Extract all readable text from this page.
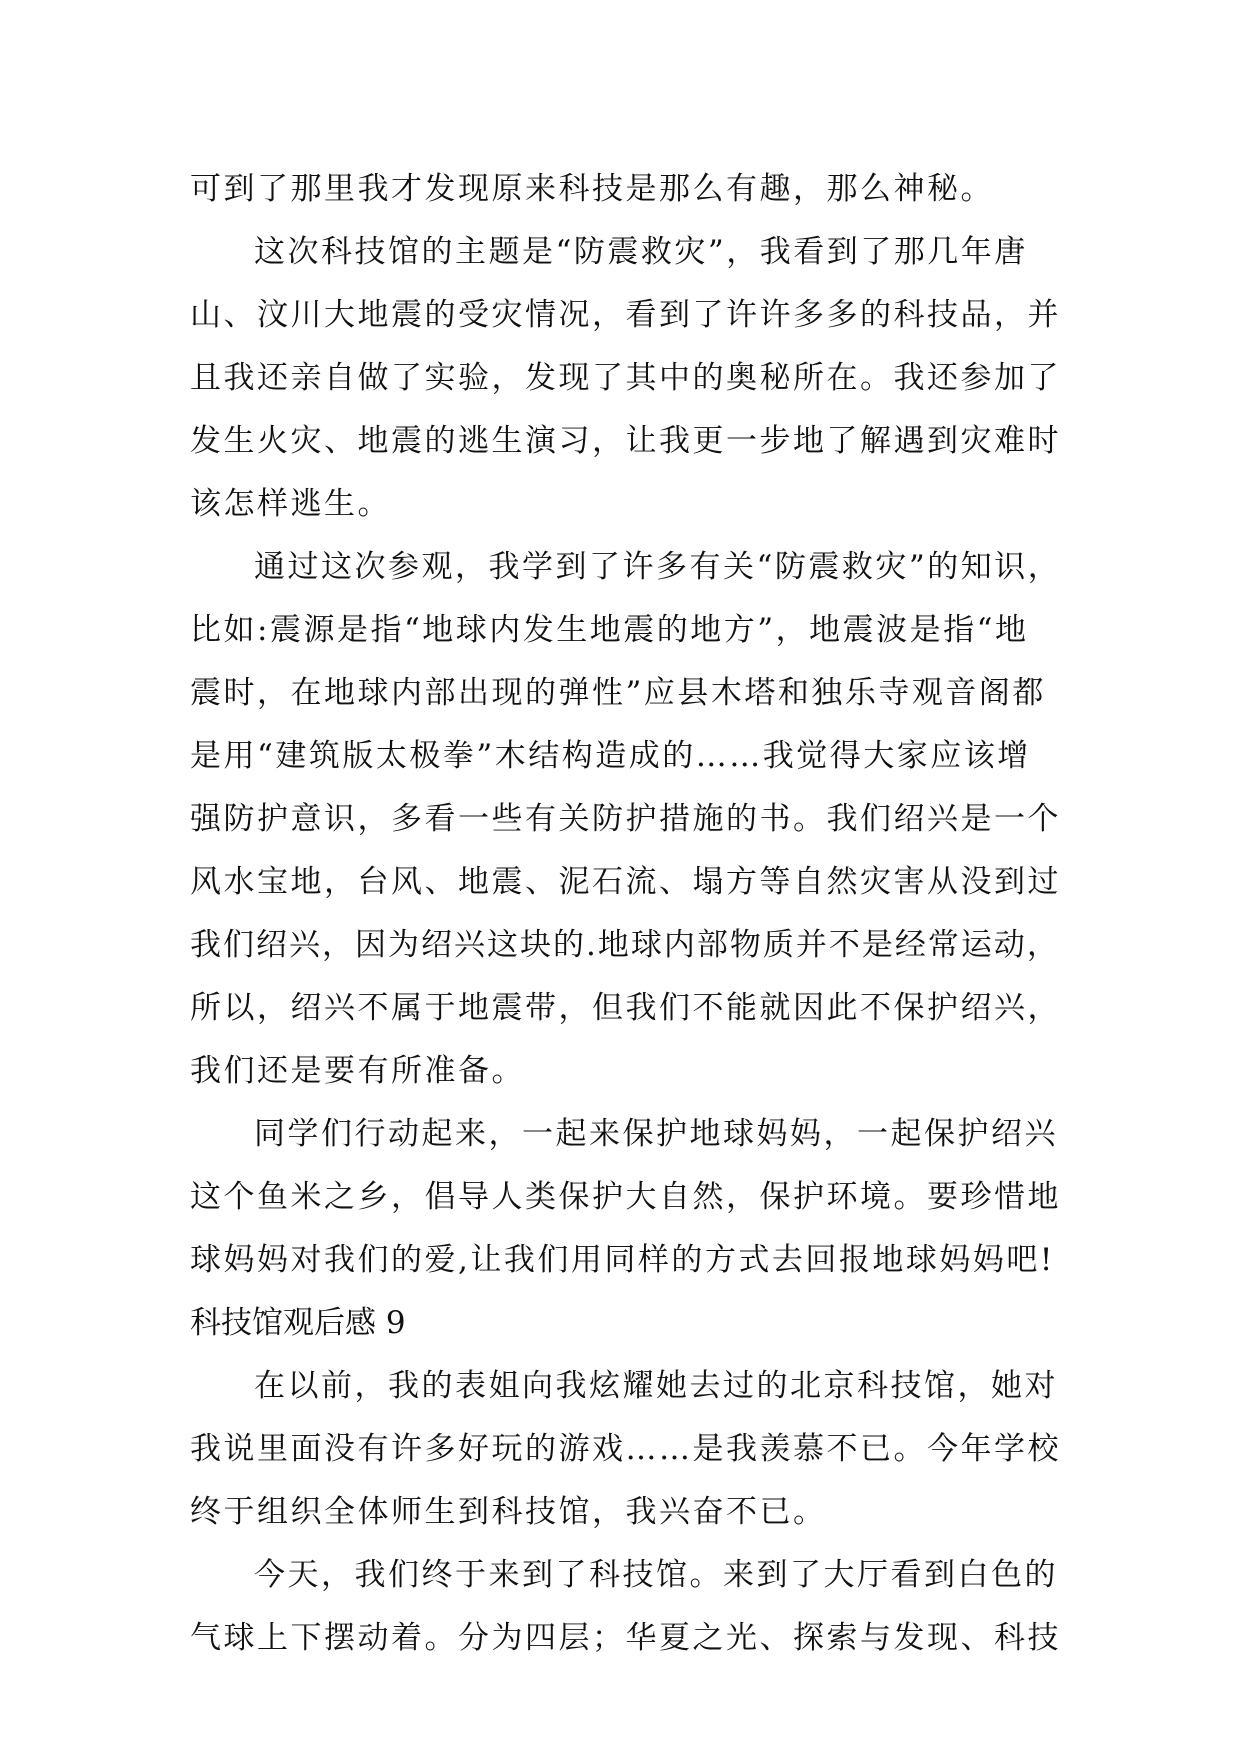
可到了那里我才发现原来科技是那么有趣，那么神秘。
这次科技馆的主题是“防震救灾”，我看到了那几年唐
山、汶川大地震的受灾情况，看到了许许多多的科技品，并
且我还亲自做了实验，发现了其中的奥秘所在。我还参加了
发生火灾、地震的逃生演习，让我更一步地了解遇到灾难时
该怎样逃生。
通过这次参观，我学到了许多有关“防震救灾”的知识，
比如:震源是指“地球内发生地震的地方”，地震波是指“地
震时，在地球内部出现的弹性”应县木塔和独乐寺观音阁都
是用“建筑版太极拳”木结构造成的……我觉得大家应该增
强防护意识，多看一些有关防护措施的书。我们绍兴是一个
风水宝地，台风、地震、泥石流、塌方等自然灾害从没到过
我们绍兴，因为绍兴这块的.地球内部物质并不是经常运动，
所以，绍兴不属于地震带，但我们不能就因此不保护绍兴，
我们还是要有所准备。
同学们行动起来，一起来保护地球妈妈，一起保护绍兴
这个鱼米之乡，倡导人类保护大自然，保护环境。要珍惜地
球妈妈对我们的爱,让我们用同样的方式去回报地球妈妈吧!
科技馆观后感 9
在以前，我的表姐向我炫耀她去过的北京科技馆，她对
我说里面没有许多好玩的游戏……是我羡慕不已。今年学校
终于组织全体师生到科技馆，我兴奋不已。
今天，我们终于来到了科技馆。来到了大厅看到白色的
气球上下摆动着。分为四层；华夏之光、探索与发现、科技
